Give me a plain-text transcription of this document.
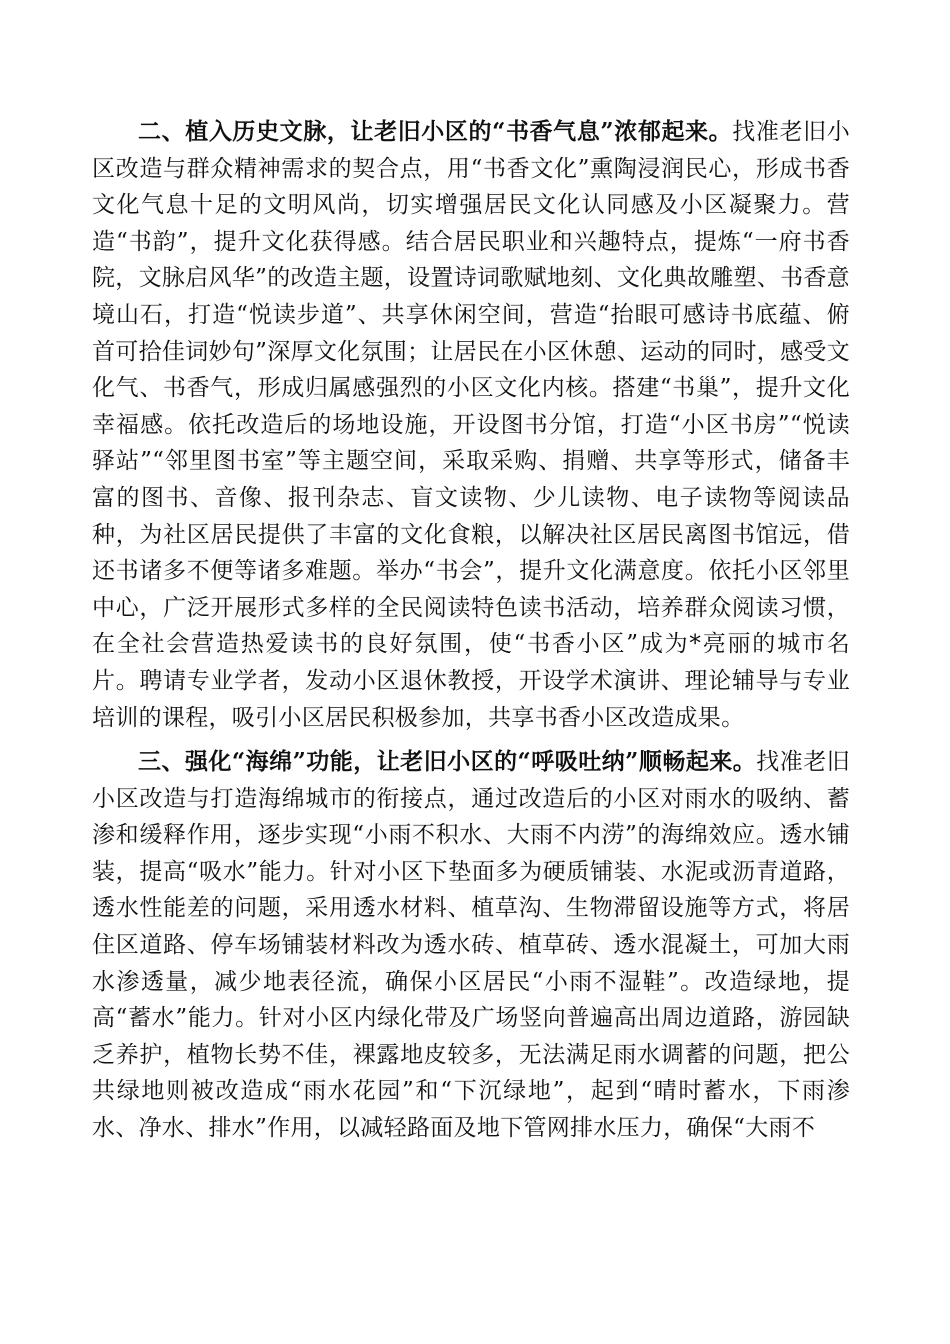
二、植入历史文脉，让老旧小区的“书香气息”浓郁起来。找准老旧小区改造与群众精神需求的契合点，用“书香文化”熏陶浸润民心，形成书香文化气息十足的文明风尚，切实增强居民文化认同感及小区凝聚力。营造“书韵”，提升文化获得感。结合居民职业和兴趣特点，提炼“一府书香院，文脉启风华”的改造主题，设置诗词歌赋地刻、文化典故雕塑、书香意境山石，打造“悦读步道”、共享休闲空间，营造“抬眼可感诗书底蕴、俯首可拾佳词妙句”深厚文化氛围；让居民在小区休憩、运动的同时，感受文化气、书香气，形成归属感强烈的小区文化内核。搭建“书巢”，提升文化幸福感。依托改造后的场地设施，开设图书分馆，打造“小区书房”“悦读驿站”“邻里图书室”等主题空间，采取采购、捐赠、共享等形式，储备丰富的图书、音像、报刊杂志、盲文读物、少儿读物、电子读物等阅读品种，为社区居民提供了丰富的文化食粮，以解决社区居民离图书馆远，借还书诸多不便等诸多难题。举办“书会”，提升文化满意度。依托小区邻里中心，广泛开展形式多样的全民阅读特色读书活动，培养群众阅读习惯，在全社会营造热爱读书的良好氛围，使“书香小区”成为*亮丽的城市名片。聘请专业学者，发动小区退休教授，开设学术演讲、理论辅导与专业培训的课程，吸引小区居民积极参加，共享书香小区改造成果。

三、强化“海绵”功能，让老旧小区的“呼吸吐纳”顺畅起来。找准老旧小区改造与打造海绵城市的衔接点，通过改造后的小区对雨水的吸纳、蓄渗和缓释作用，逐步实现“小雨不积水、大雨不内涝”的海绵效应。透水铺装，提高“吸水”能力。针对小区下垫面多为硬质铺装、水泥或沥青道路，透水性能差的问题，采用透水材料、植草沟、生物滞留设施等方式，将居住区道路、停车场铺装材料改为透水砖、植草砖、透水混凝土，可加大雨水渗透量，减少地表径流，确保小区居民“小雨不湿鞋”。改造绿地，提高“蓄水”能力。针对小区内绿化带及广场竖向普遍高出周边道路，游园缺乏养护，植物长势不佳，裸露地皮较多，无法满足雨水调蓄的问题，把公共绿地则被改造成“雨水花园”和“下沉绿地”，起到“晴时蓄水，下雨渗水、净水、排水”作用，以减轻路面及地下管网排水压力，确保“大雨不
